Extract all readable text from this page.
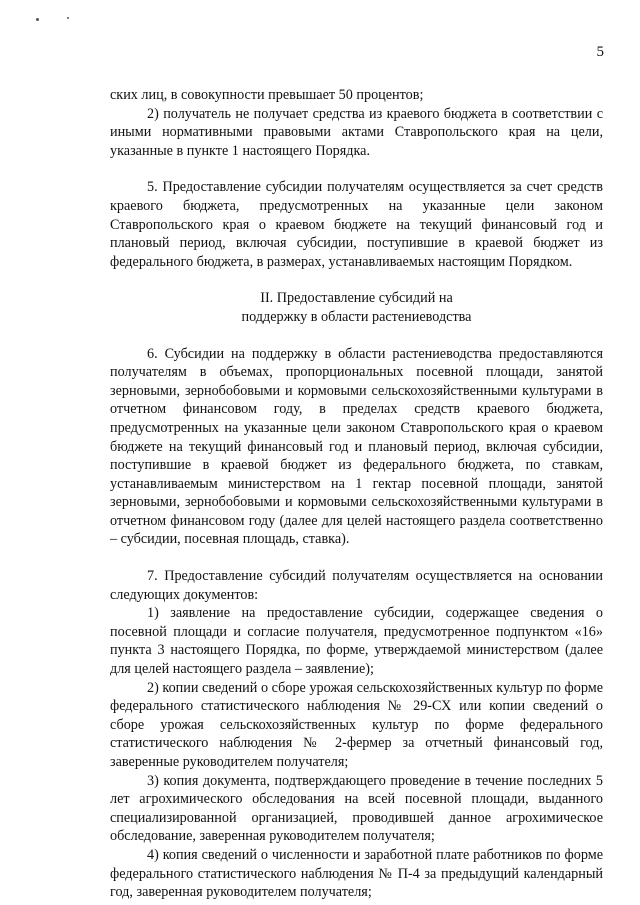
5

ских лиц, в совокупности превышает 50 процентов;

2) получатель не получает средства из краевого бюджета в соответствии с иными нормативными правовыми актами Ставропольского края на цели, указанные в пункте 1 настоящего Порядка.

5. Предоставление субсидии получателям осуществляется за счет средств краевого бюджета, предусмотренных на указанные цели законом Ставропольского края о краевом бюджете на текущий финансовый год и плановый период, включая субсидии, поступившие в краевой бюджет из федерального бюджета, в размерах, устанавливаемых настоящим Порядком.

II. Предоставление субсидий на
поддержку в области растениеводства

6. Субсидии на поддержку в области растениеводства предоставляются получателям в объемах, пропорциональных посевной площади, занятой зерновыми, зернобобовыми и кормовыми сельскохозяйственными культурами в отчетном финансовом году, в пределах средств краевого бюджета, предусмотренных на указанные цели законом Ставропольского края о краевом бюджете на текущий финансовый год и плановый период, включая субсидии, поступившие в краевой бюджет из федерального бюджета, по ставкам, устанавливаемым министерством на 1 гектар посевной площади, занятой зерновыми, зернобобовыми и кормовыми сельскохозяйственными культурами в отчетном финансовом году (далее для целей настоящего раздела соответственно – субсидии, посевная площадь, ставка).

7. Предоставление субсидий получателям осуществляется на основании следующих документов:

1) заявление на предоставление субсидии, содержащее сведения о посевной площади и согласие получателя, предусмотренное подпунктом «16» пункта 3 настоящего Порядка, по форме, утверждаемой министерством (далее для целей настоящего раздела – заявление);

2) копии сведений о сборе урожая сельскохозяйственных культур по форме федерального статистического наблюдения № 29-СХ или копии сведений о сборе урожая сельскохозяйственных культур по форме федерального статистического наблюдения № 2-фермер за отчетный финансовый год, заверенные руководителем получателя;

3) копия документа, подтверждающего проведение в течение последних 5 лет агрохимического обследования на всей посевной площади, выданного специализированной организацией, проводившей данное агрохимическое обследование, заверенная руководителем получателя;

4) копия сведений о численности и заработной плате работников по форме федерального статистического наблюдения № П-4 за предыдущий календарный год, заверенная руководителем получателя;
